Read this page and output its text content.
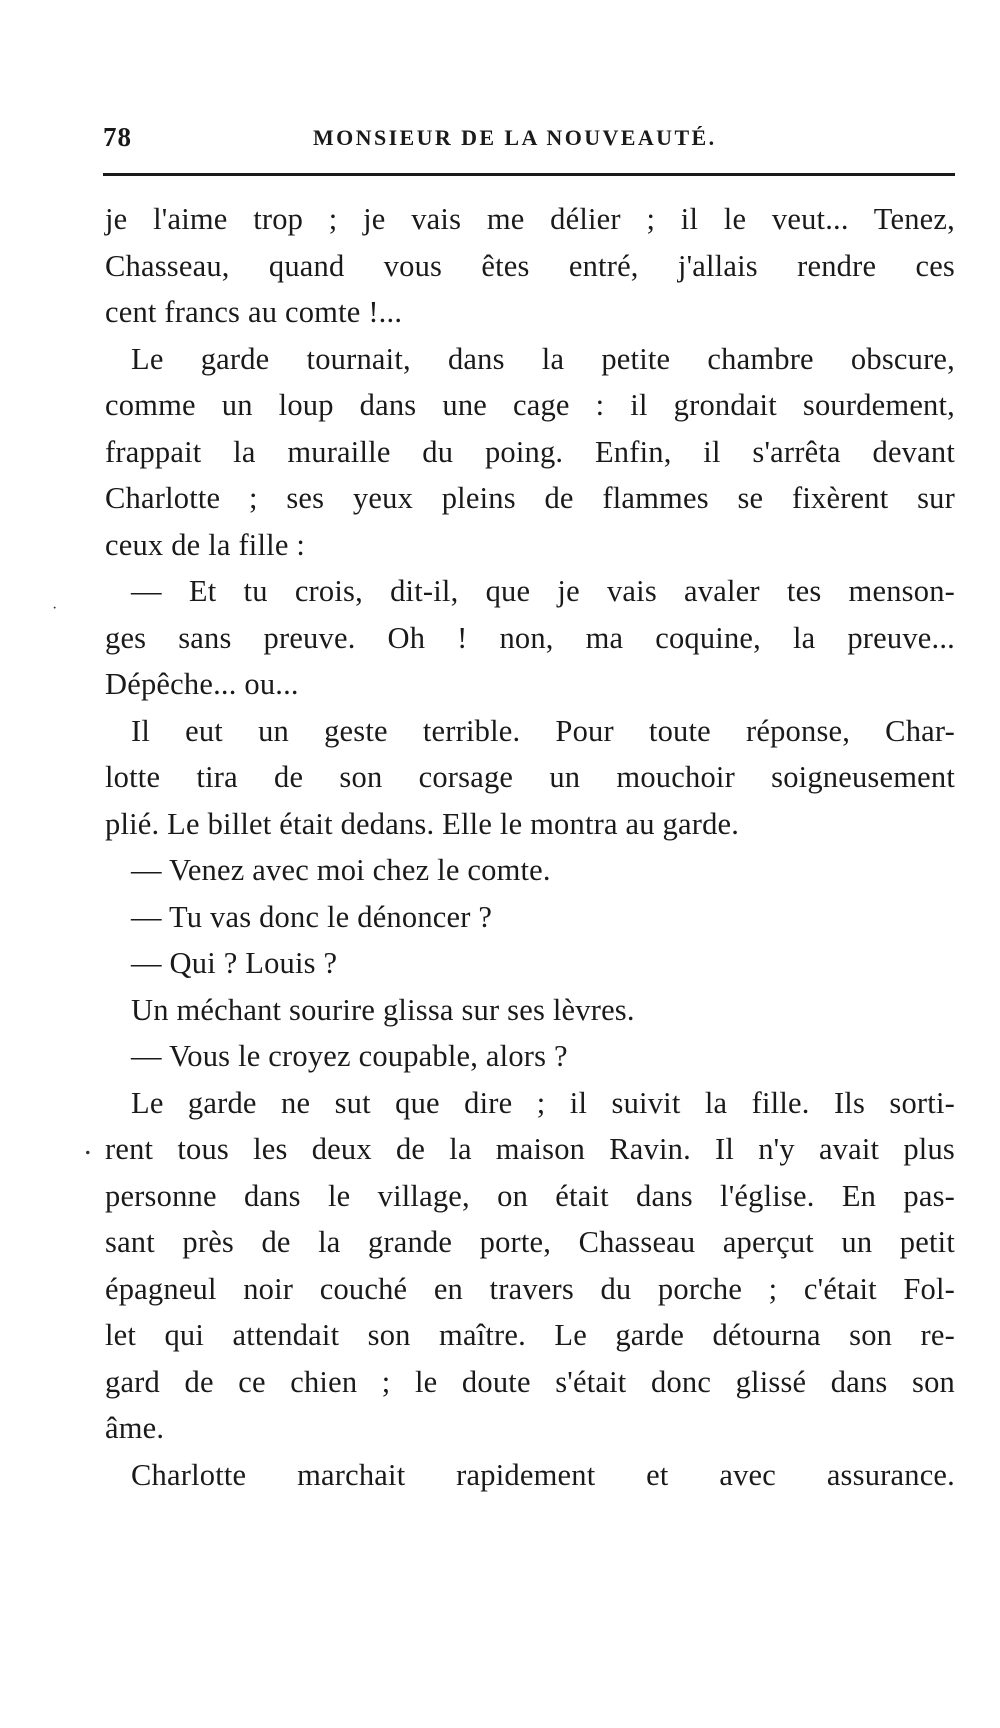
78	MONSIEUR DE LA NOUVEAUTÉ.
·
.
je l'aime trop ; je vais me délier ; il le veut... Tenez,
Chasseau, quand vous êtes entré, j'allais rendre ces
cent francs au comte !...
Le garde tournait, dans la petite chambre obscure,
comme un loup dans une cage : il grondait sourdement,
frappait la muraille du poing. Enfin, il s'arrêta devant
Charlotte ; ses yeux pleins de flammes se fixèrent sur
ceux de la fille :
— Et tu crois, dit-il, que je vais avaler tes menson-
ges sans preuve. Oh ! non, ma coquine, la preuve...
Dépêche... ou...
Il eut un geste terrible. Pour toute réponse, Char-
lotte tira de son corsage un mouchoir soigneusement
plié. Le billet était dedans. Elle le montra au garde.
— Venez avec moi chez le comte.
— Tu vas donc le dénoncer ?
— Qui ? Louis ?
Un méchant sourire glissa sur ses lèvres.
— Vous le croyez coupable, alors ?
Le garde ne sut que dire ; il suivit la fille. Ils sorti-
rent tous les deux de la maison Ravin. Il n'y avait plus
personne dans le village, on était dans l'église. En pas-
sant près de la grande porte, Chasseau aperçut un petit
épagneul noir couché en travers du porche ; c'était Fol-
let qui attendait son maître. Le garde détourna son re-
gard de ce chien ; le doute s'était donc glissé dans son
âme.
Charlotte marchait rapidement et avec assurance.
